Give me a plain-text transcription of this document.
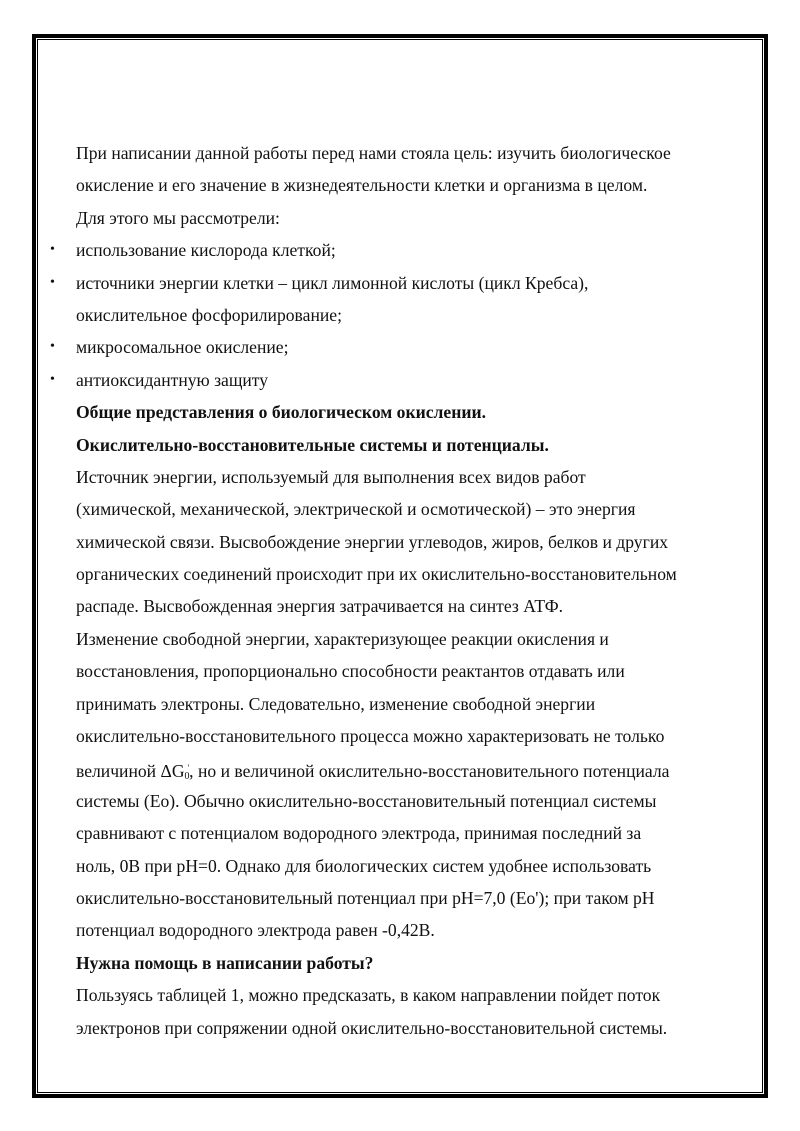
При написании данной работы перед нами стояла цель: изучить биологическое
окисление и его значение в жизнедеятельности клетки и организма в целом.
Для этого мы рассмотрели:
• использование кислорода клеткой;
• источники энергии клетки – цикл лимонной кислоты (цикл Кребса),
окислительное фосфорилирование;
• микросомальное окисление;
• антиоксидантную защиту
Общие представления о биологическом окислении.
Окислительно-восстановительные системы и потенциалы.
Источник энергии, используемый для выполнения всех видов работ
(химической, механической, электрической и осмотической) – это энергия
химической связи. Высвобождение энергии углеводов, жиров, белков и других
органических соединений происходит при их окислительно-восстановительном
распаде. Высвобожденная энергия затрачивается на синтез АТФ.
Изменение свободной энергии, характеризующее реакции окисления и
восстановления, пропорционально способности реактантов отдавать или
принимать электроны. Следовательно, изменение свободной энергии
окислительно-восстановительного процесса можно характеризовать не только
величиной $\Delta G_0'$, но и величиной окислительно-восстановительного потенциала
системы (Eo). Обычно окислительно-восстановительный потенциал системы
сравнивают с потенциалом водородного электрода, принимая последний за
ноль, 0В при pH=0. Однако для биологических систем удобнее использовать
окислительно-восстановительный потенциал при pH=7,0 (Eo'); при таком pH
потенциал водородного электрода равен -0,42В.
Нужна помощь в написании работы?
Пользуясь таблицей 1, можно предсказать, в каком направлении пойдет поток
электронов при сопряжении одной окислительно-восстановительной системы.
